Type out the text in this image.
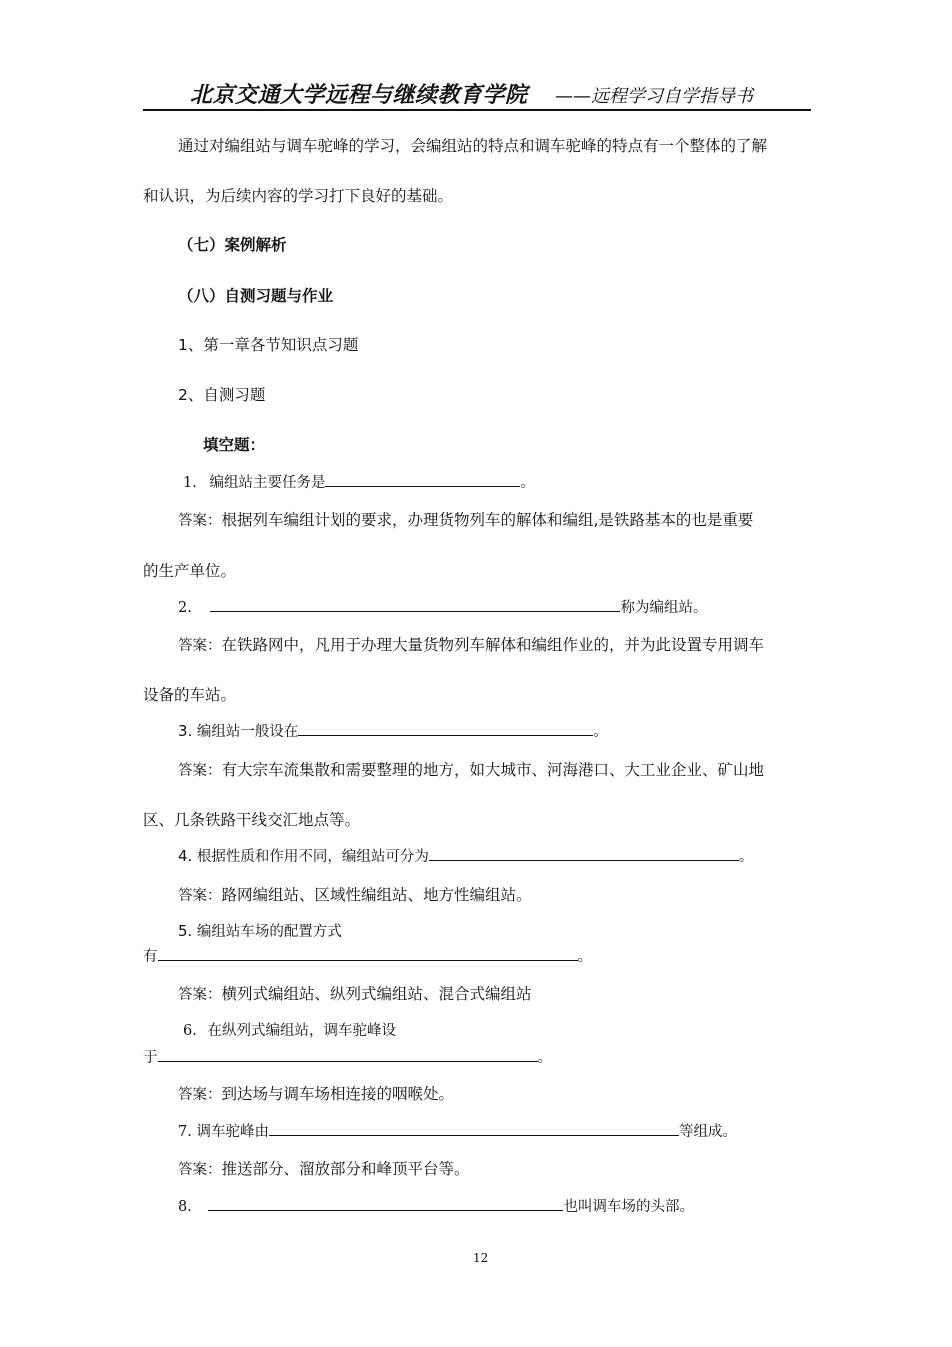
北京交通大学远程与继续教育学院 ——远程学习自学指导书
通过对编组站与调车驼峰的学习，会编组站的特点和调车驼峰的特点有一个整体的了解
和认识，为后续内容的学习打下良好的基础。
（七）案例解析
（八）自测习题与作业
1、第一章各节知识点习题
2、自测习题
填空题：
1. 编组站主要任务是	。
答案：根据列车编组计划的要求，办理货物列车的解体和编组,是铁路基本的也是重要
的生产单位。
2.	称为编组站。
答案：在铁路网中，凡用于办理大量货物列车解体和编组作业的，并为此设置专用调车
设备的车站。
3. 编组站一般设在	。
答案：有大宗车流集散和需要整理的地方，如大城市、河海港口、大工业企业、矿山地
区、几条铁路干线交汇地点等。
4. 根据性质和作用不同，编组站可分为	。
答案：路网编组站、区域性编组站、地方性编组站。
5. 编组站车场的配置方式
有	。
答案：横列式编组站、纵列式编组站、混合式编组站
6. 在纵列式编组站，调车驼峰设
于	。
答案：到达场与调车场相连接的咽喉处。
7. 调车驼峰由	等组成。
答案：推送部分、溜放部分和峰顶平台等。
8.	也叫调车场的头部。
12
